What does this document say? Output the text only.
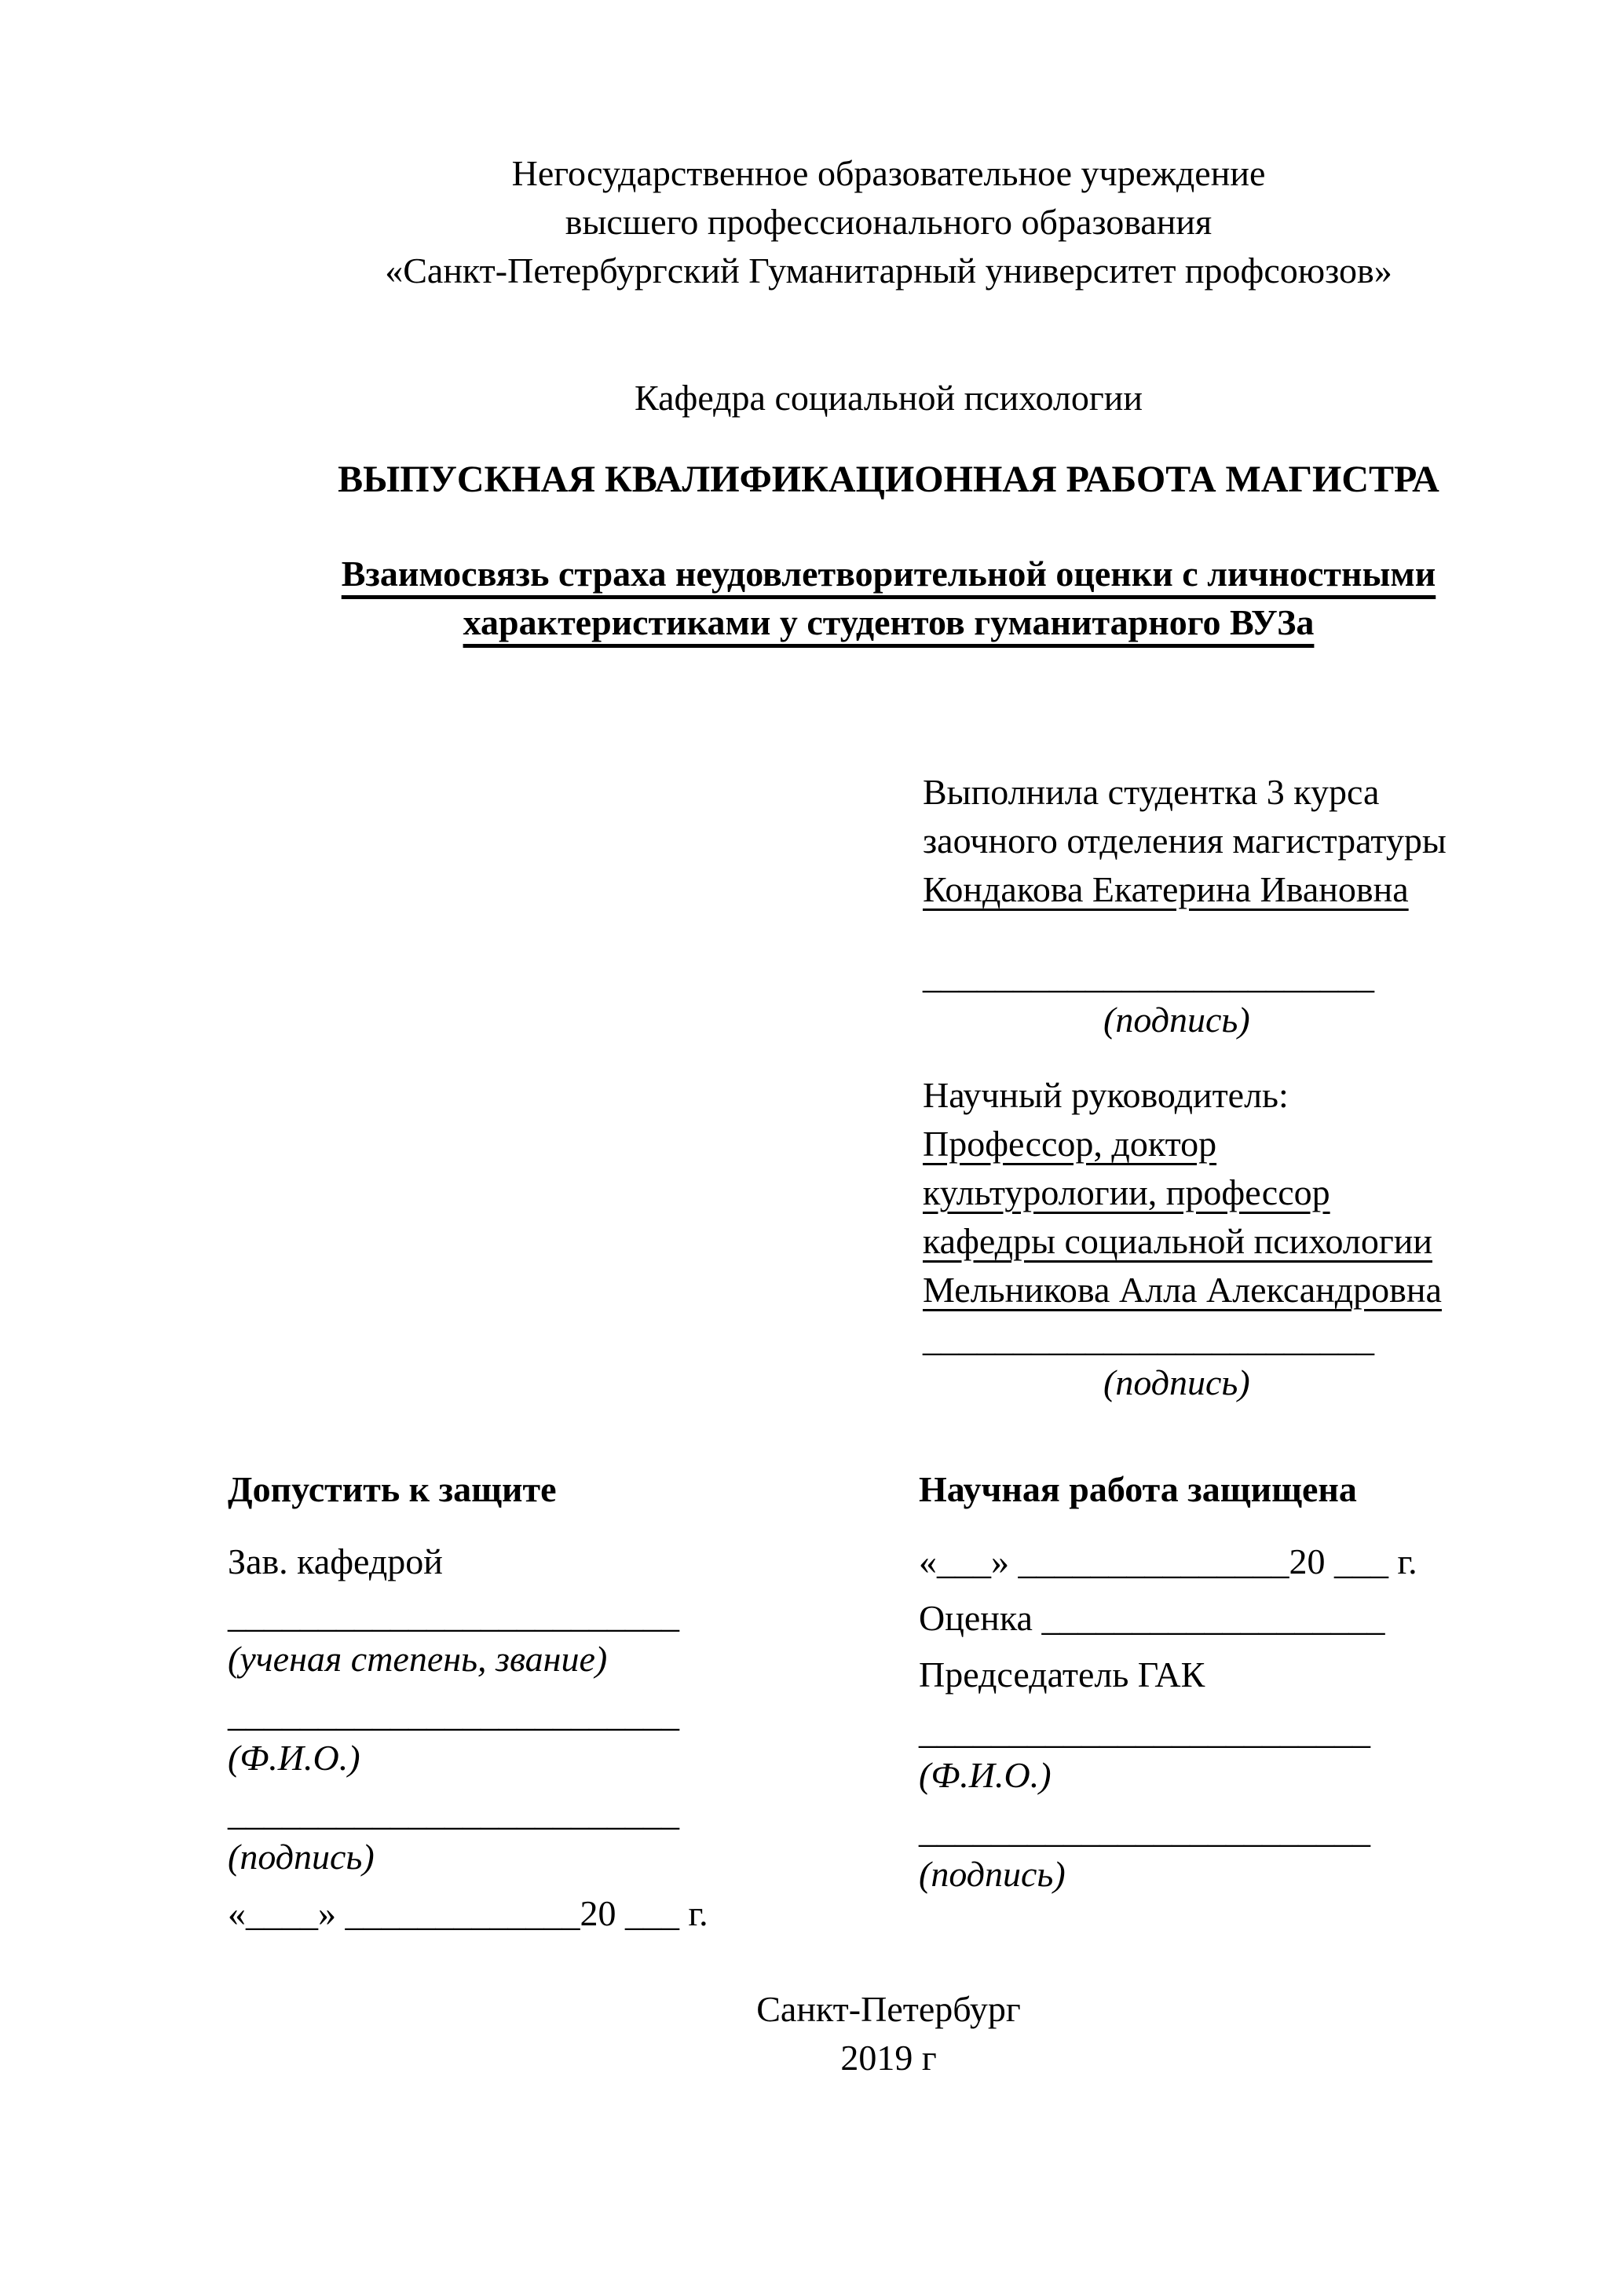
Негосударственное образовательное учреждение
высшего профессионального образования
«Санкт-Петербургский Гуманитарный университет профсоюзов»
Кафедра социальной психологии
ВЫПУСКНАЯ КВАЛИФИКАЦИОННАЯ РАБОТА МАГИСТРА
Взаимосвязь страха неудовлетворительной оценки с личностными
характеристиками у студентов гуманитарного ВУЗа
Выполнила студентка 3 курса
заочного отделения магистратуры
Кондакова Екатерина Ивановна
_________________________
(подпись)
Научный руководитель:
Профессор, доктор
культурологии, профессор
кафедры социальной психологии
Мельникова Алла Александровна
_________________________
(подпись)
Допустить к защите
Зав. кафедрой
_________________________
(ученая степень, звание)
_________________________
(Ф.И.О.)
_________________________
(подпись)
«____» _____________20 ___ г.
Научная работа защищена
«___» _______________20 ___ г.
Оценка ___________________
Председатель ГАК
_________________________
(Ф.И.О.)
_________________________
(подпись)
Санкт-Петербург
2019 г
